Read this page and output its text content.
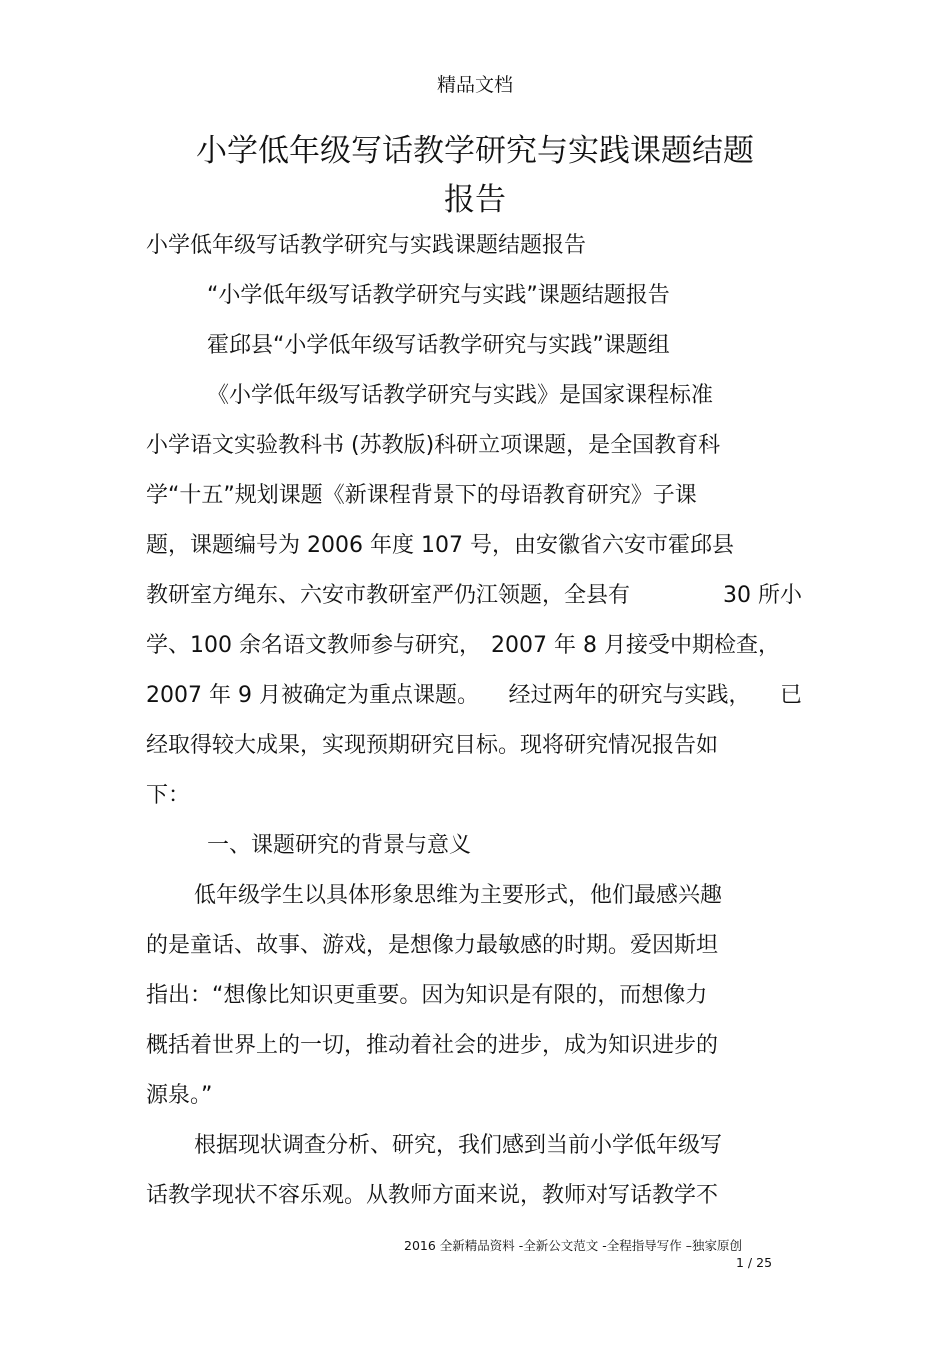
精品文档
小学低年级写话教学研究与实践课题结题
报告
小学低年级写话教学研究与实践课题结题报告
“小学低年级写话教学研究与实践”课题结题报告
霍邱县“小学低年级写话教学研究与实践”课题组
《小学低年级写话教学研究与实践》是国家课程标准
小学语文实验教科书 (苏教版)科研立项课题，是全国教育科
学“十五”规划课题《新课程背景下的母语教育研究》子课
题，课题编号为 2006 年度 107 号，由安徽省六安市霍邱县
教研室方绳东、六安市教研室严仍江领题，全县有	30 所小
学、100 余名语文教师参与研究， 2007 年 8 月接受中期检查，
2007 年 9 月被确定为重点课题。 经过两年的研究与实践， 已
经取得较大成果，实现预期研究目标。现将研究情况报告如
下：
一、课题研究的背景与意义
低年级学生以具体形象思维为主要形式，他们最感兴趣
的是童话、故事、游戏，是想像力最敏感的时期。爱因斯坦
指出：“想像比知识更重要。因为知识是有限的，而想像力
概括着世界上的一切，推动着社会的进步，成为知识进步的
源泉。”
根据现状调查分析、研究，我们感到当前小学低年级写
话教学现状不容乐观。从教师方面来说，教师对写话教学不
2016 全新精品资料 -全新公文范文 -全程指导写作 –独家原创
1 / 25
